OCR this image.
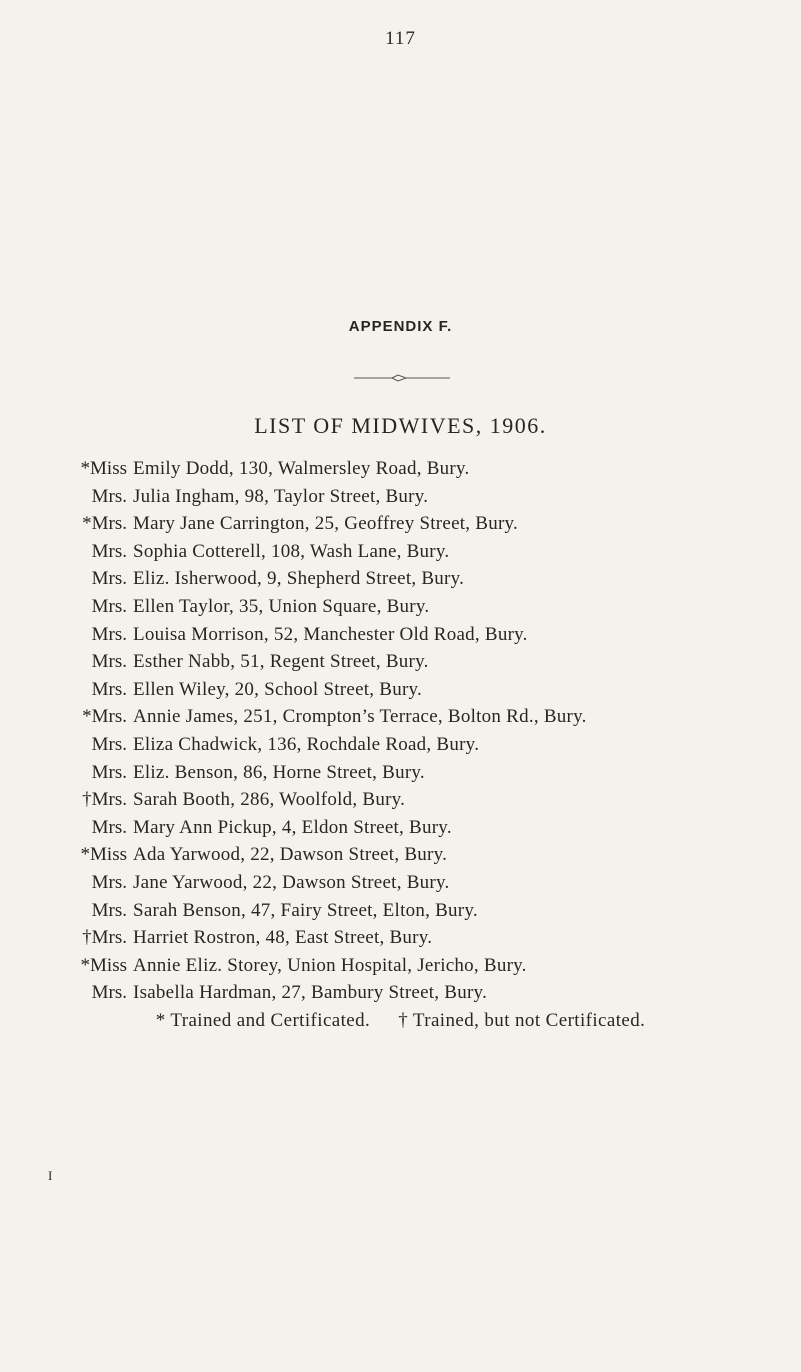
117
APPENDIX F.
LIST OF MIDWIVES, 1906.
*Miss Emily Dodd, 130, Walmersley Road, Bury.
Mrs. Julia Ingham, 98, Taylor Street, Bury.
*Mrs. Mary Jane Carrington, 25, Geoffrey Street, Bury.
Mrs. Sophia Cotterell, 108, Wash Lane, Bury.
Mrs. Eliz. Isherwood, 9, Shepherd Street, Bury.
Mrs. Ellen Taylor, 35, Union Square, Bury.
Mrs. Louisa Morrison, 52, Manchester Old Road, Bury.
Mrs. Esther Nabb, 51, Regent Street, Bury.
Mrs. Ellen Wiley, 20, School Street, Bury.
*Mrs. Annie James, 251, Crompton’s Terrace, Bolton Rd., Bury.
Mrs. Eliza Chadwick, 136, Rochdale Road, Bury.
Mrs. Eliz. Benson, 86, Horne Street, Bury.
†Mrs. Sarah Booth, 286, Woolfold, Bury.
Mrs. Mary Ann Pickup, 4, Eldon Street, Bury.
*Miss Ada Yarwood, 22, Dawson Street, Bury.
Mrs. Jane Yarwood, 22, Dawson Street, Bury.
Mrs. Sarah Benson, 47, Fairy Street, Elton, Bury.
†Mrs. Harriet Rostron, 48, East Street, Bury.
*Miss Annie Eliz. Storey, Union Hospital, Jericho, Bury.
Mrs. Isabella Hardman, 27, Bambury Street, Bury.
* Trained and Certificated. † Trained, but not Certificated.
I
